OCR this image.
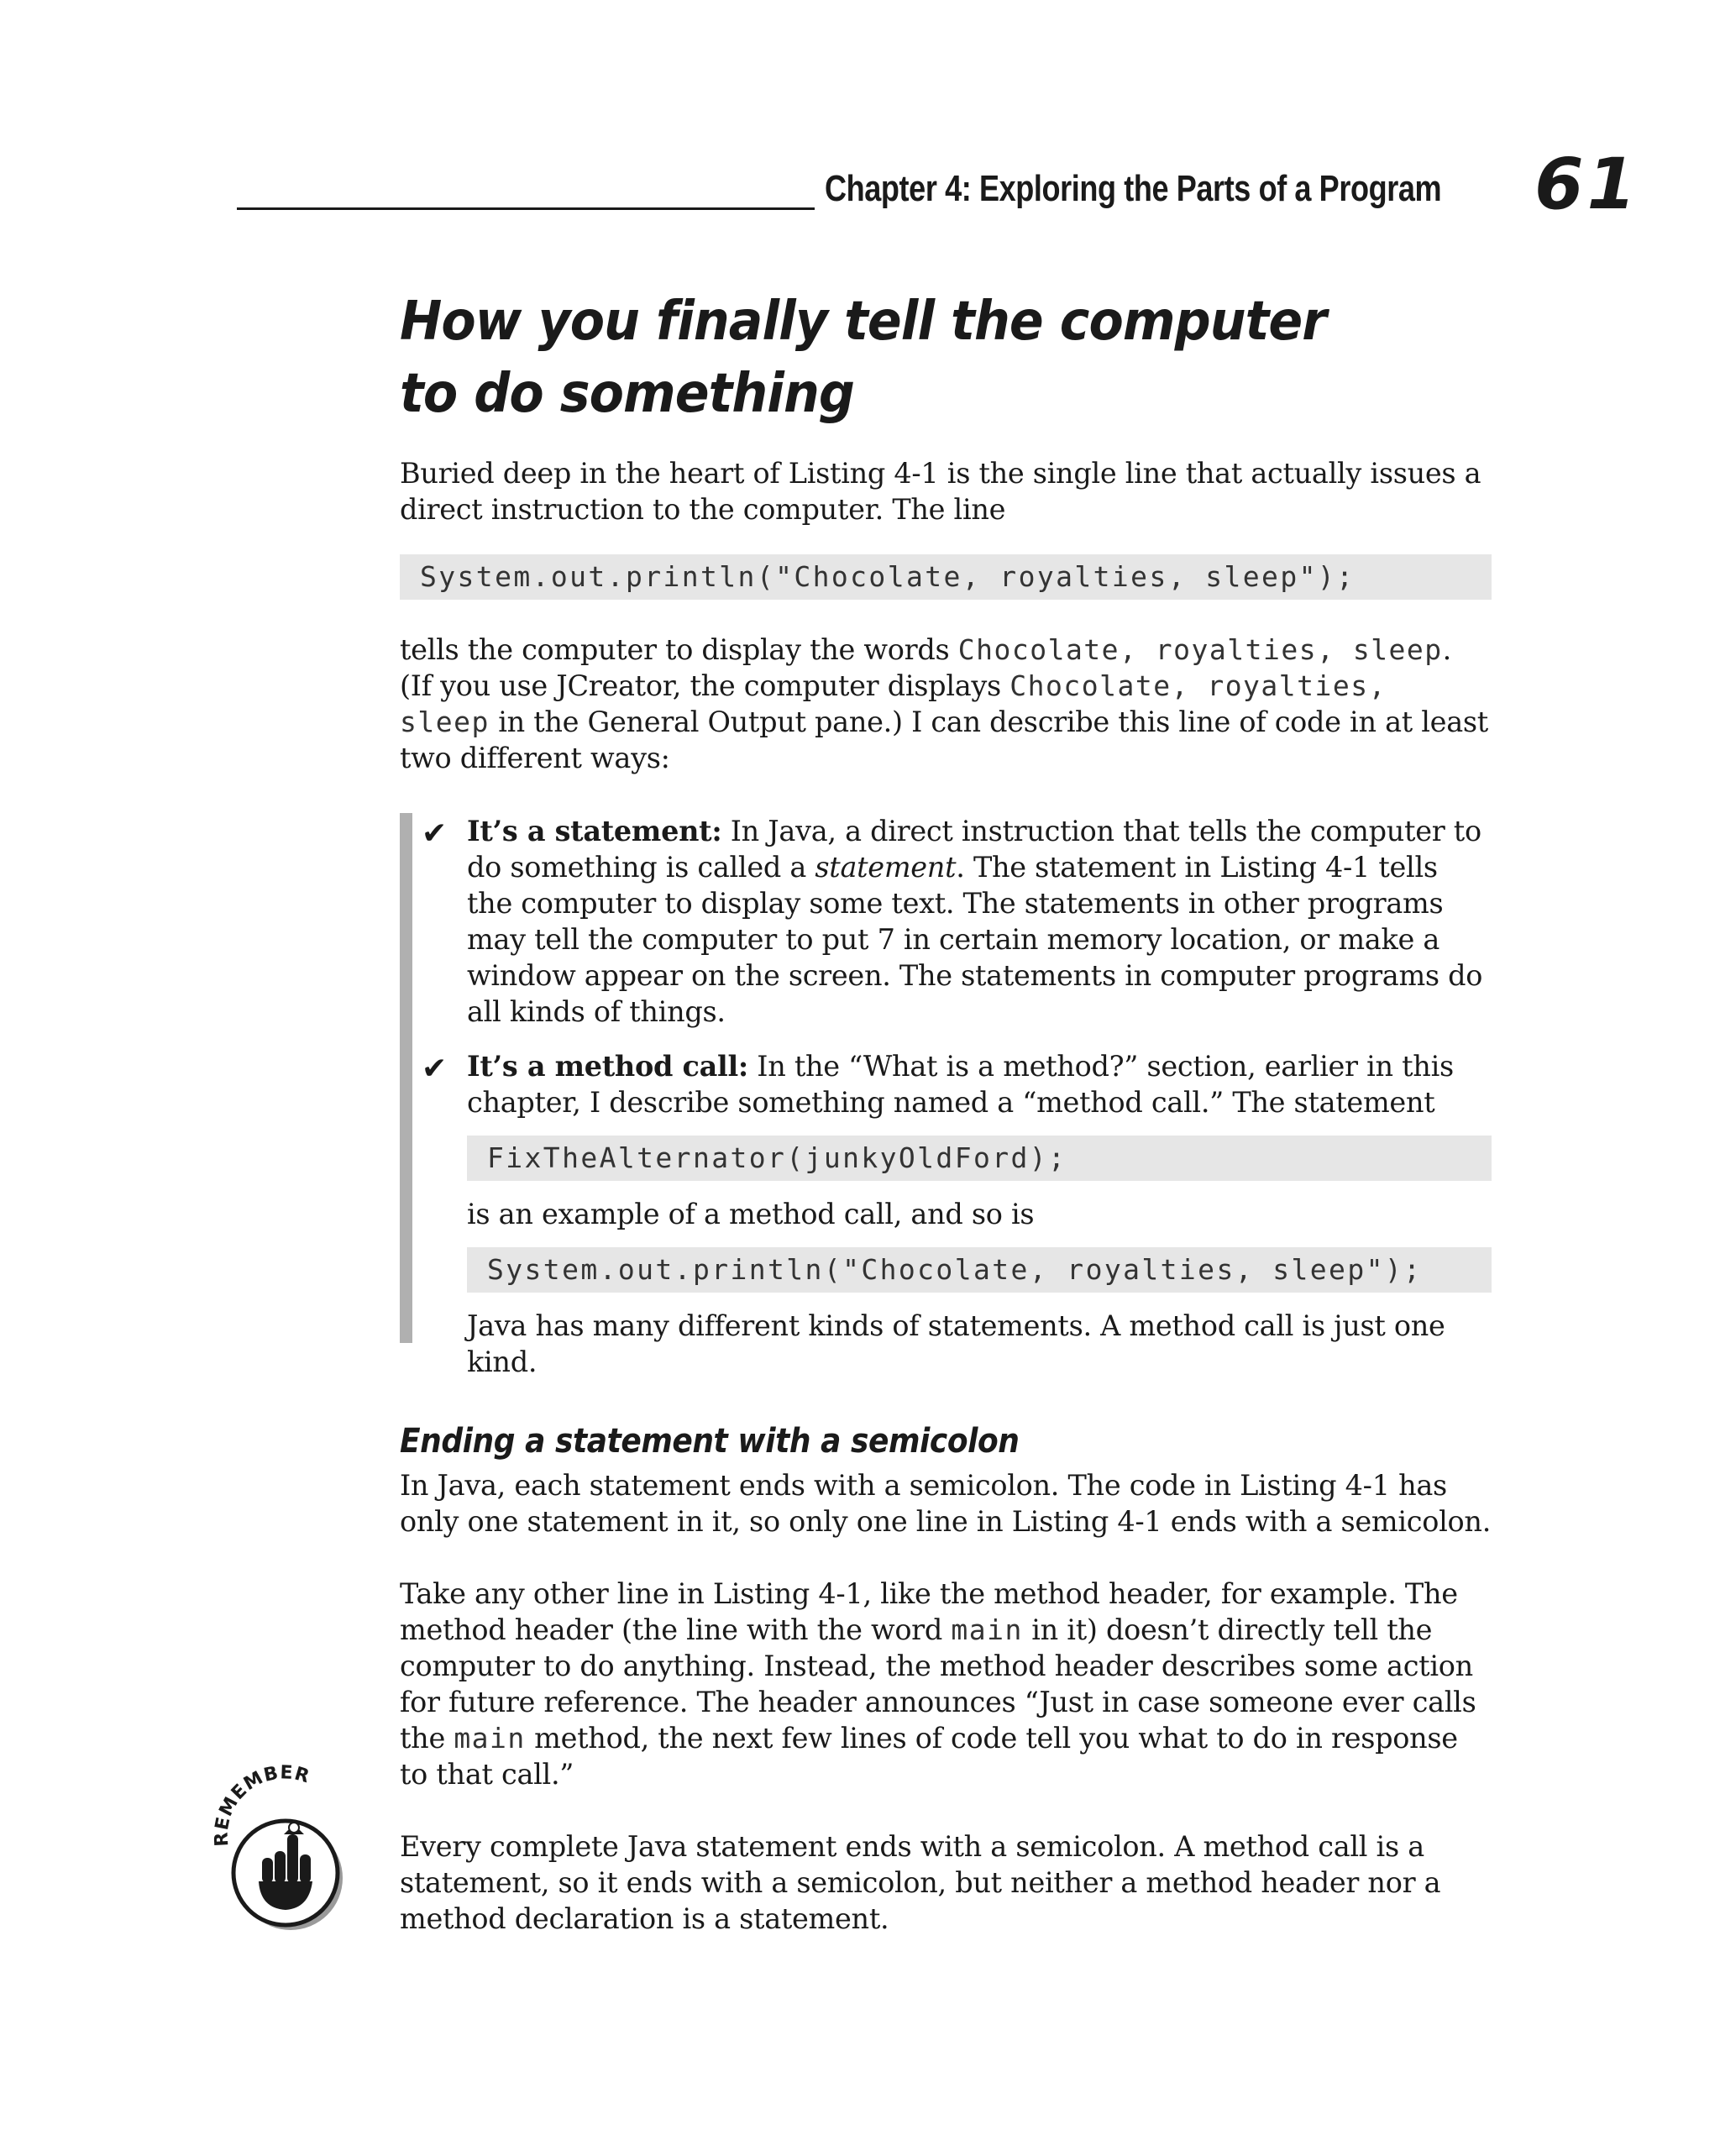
Chapter 4: Exploring the Parts of a Program 61
How you finally tell the computer
to do something

Buried deep in the heart of Listing 4-1 is the single line that actually issues a direct instruction to the computer. The line

System.out.println("Chocolate, royalties, sleep");

tells the computer to display the words Chocolate, royalties, sleep. (If you use JCreator, the computer displays Chocolate, royalties, sleep in the General Output pane.) I can describe this line of code in at least two different ways:

✔ It’s a statement: In Java, a direct instruction that tells the computer to do something is called a statement. The statement in Listing 4-1 tells the computer to display some text. The statements in other programs may tell the computer to put 7 in certain memory location, or make a window appear on the screen. The statements in computer programs do all kinds of things.

✔ It’s a method call: In the “What is a method?” section, earlier in this chapter, I describe something named a “method call.” The statement

FixTheAlternator(junkyOldFord);

is an example of a method call, and so is

System.out.println("Chocolate, royalties, sleep");

Java has many different kinds of statements. A method call is just one kind.

Ending a statement with a semicolon

In Java, each statement ends with a semicolon. The code in Listing 4-1 has only one statement in it, so only one line in Listing 4-1 ends with a semicolon.

Take any other line in Listing 4-1, like the method header, for example. The method header (the line with the word main in it) doesn’t directly tell the computer to do anything. Instead, the method header describes some action for future reference. The header announces “Just in case someone ever calls the main method, the next few lines of code tell you what to do in response to that call.”

Every complete Java statement ends with a semicolon. A method call is a statement, so it ends with a semicolon, but neither a method header nor a method declaration is a statement.

REMEMBER
